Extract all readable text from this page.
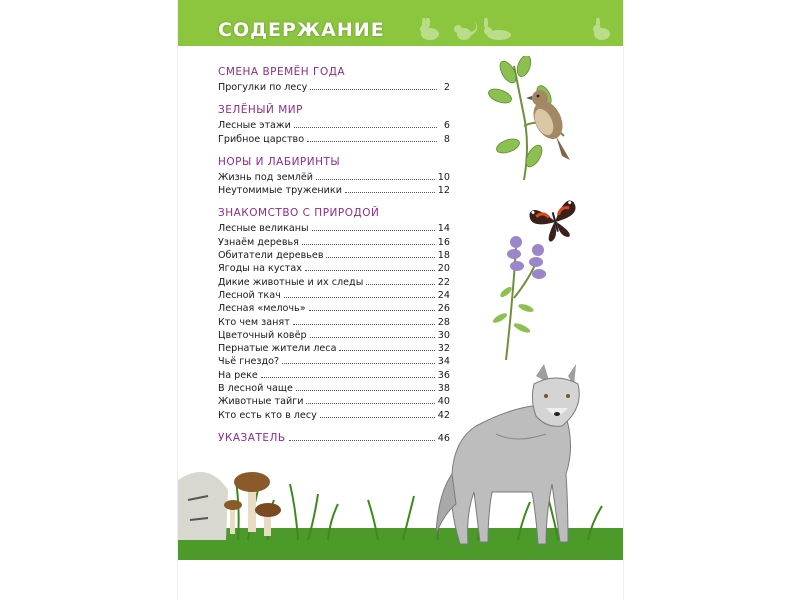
СОДЕРЖАНИЕ
СМЕНА ВРЕМЁН ГОДА
Прогулки по лесу	2
ЗЕЛЁНЫЙ МИР
Лесные этажи	6
Грибное царство	8
НОРЫ И ЛАБИРИНТЫ
Жизнь под землёй	10
Неутомимые труженики	12
ЗНАКОМСТВО С ПРИРОДОЙ
Лесные великаны	14
Узнаём деревья	16
Обитатели деревьев	18
Ягоды на кустах	20
Дикие животные и их следы	22
Лесной ткач	24
Лесная «мелочь»	26
Кто чем занят	28
Цветочный ковёр	30
Пернатые жители леса	32
Чьё гнездо?	34
На реке	36
В лесной чаще	38
Животные тайги	40
Кто есть кто в лесу	42
УКАЗАТЕЛЬ	46
